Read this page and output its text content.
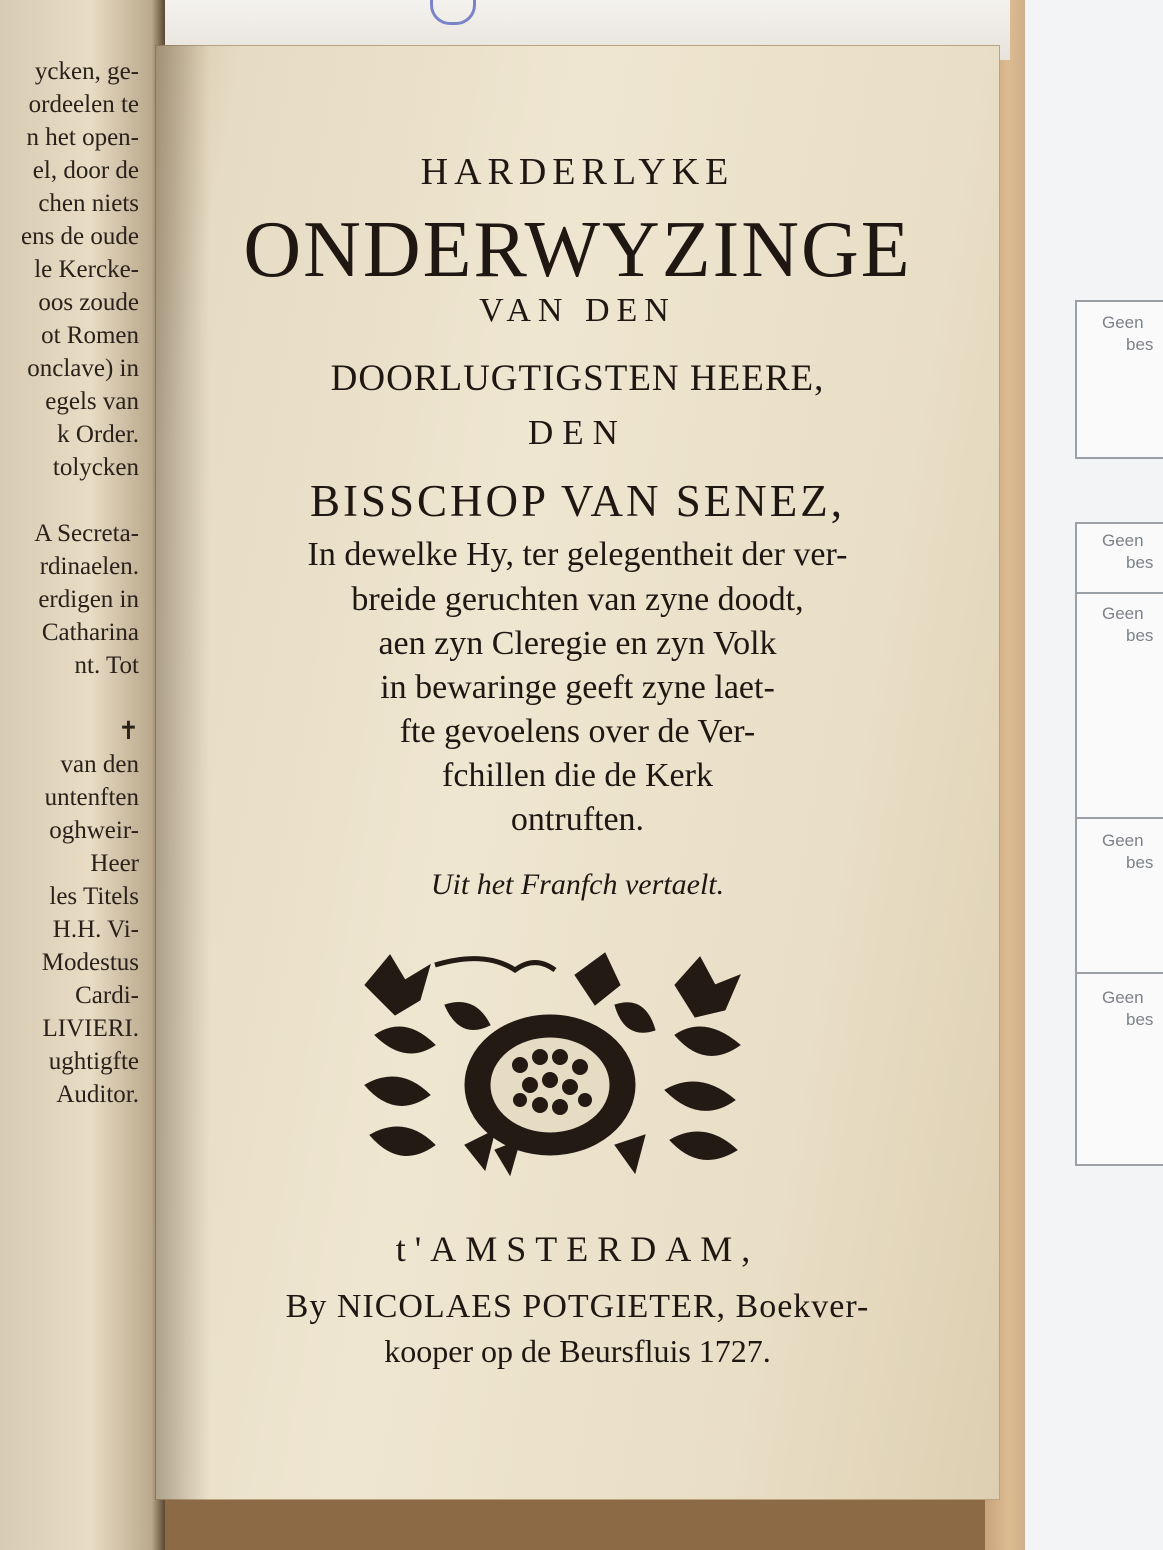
Geen
bes
Geen
bes
Geen
bes
Geen
bes
Geen
bes
ycken, ge-
ordeelen te
n het open-
el, door de
chen niets
ens de oude
le Kercke-
oos zoude
ot Romen
onclave) in
egels van
k Order.
tolycken

A Secreta-
rdinaelen.
erdigen in
Catharina
nt. Tot

✝
van den
untenften
oghweir-
Heer
les Titels
H.H. Vi-
Modestus
Cardi-
LIVIERI.
ughtigfte
Auditor.
HARDERLYKE
ONDERWYZINGE
VAN DEN
DOORLUGTIGSTEN HEERE,
DEN
BISSCHOP VAN SENEZ,
In dewelke Hy, ter gelegentheit der ver-
breide geruchten van zyne doodt,
aen zyn Cleregie en zyn Volk
in bewaringe geeft zyne laet-
fte gevoelens over de Ver-
fchillen die de Kerk
ontruften.
Uit het Franfch vertaelt.
t'AMSTERDAM,
By NICOLAES POTGIETER, Boekver-
kooper op de Beursfluis 1727.
